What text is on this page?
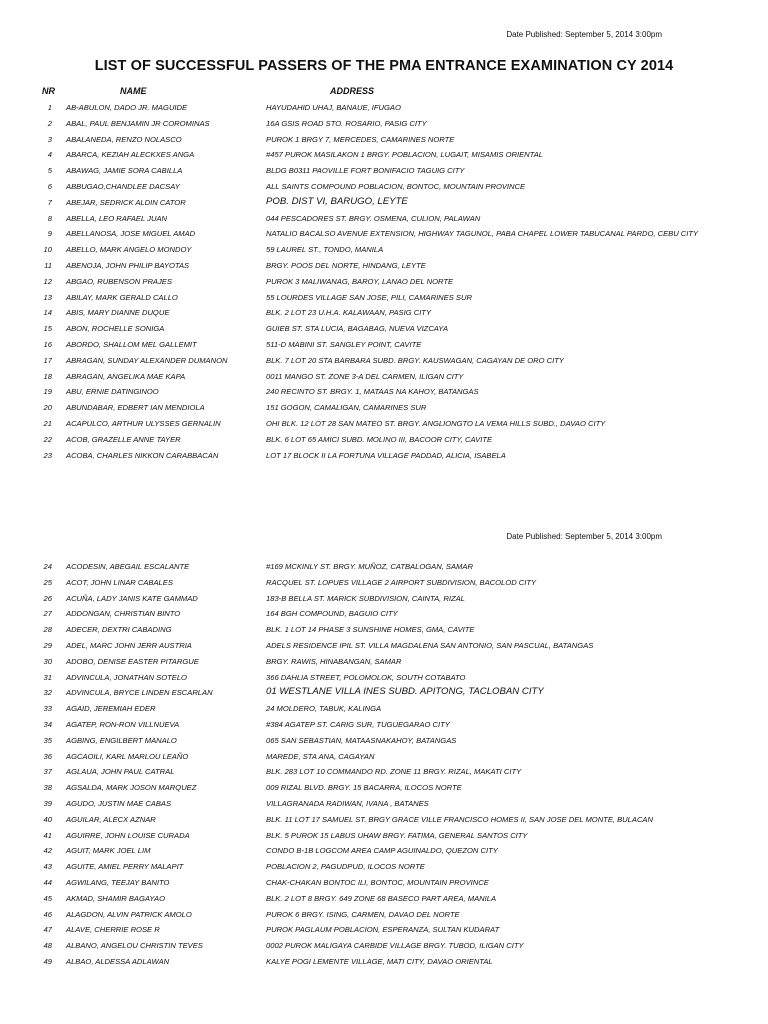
Date Published: September 5, 2014 3:00pm
LIST OF SUCCESSFUL PASSERS OF THE PMA ENTRANCE EXAMINATION CY 2014
NR	NAME	ADDRESS
1 AB-ABULON, DADO JR. MAGUIDE	HAYUDAHID UHAJ, BANAUE, IFUGAO
2 ABAL, PAUL BENJAMIN JR COROMINAS	16A GSIS ROAD STO. ROSARIO, PASIG CITY
3 ABALANEDA, RENZO NOLASCO	PUROK 1 BRGY 7, MERCEDES, CAMARINES NORTE
4 ABARCA, KEZIAH ALECKXES ANGA	#457 PUROK MASILAKON 1 BRGY. POBLACION, LUGAIT, MISAMIS ORIENTAL
5 ABAWAG, JAMIE SORA CABILLA	BLDG B0311 PAOVILLE FORT BONIFACIO TAGUIG CITY
6 ABBUGAO,CHANDLEE DACSAY	ALL SAINTS COMPOUND POBLACION, BONTOC, MOUNTAIN PROVINCE
7 ABEJAR, SEDRICK ALDIN CATOR	POB. DIST VI, BARUGO, LEYTE
8 ABELLA, LEO RAFAEL JUAN	044 PESCADORES ST. BRGY. OSMENA, CULION, PALAWAN
9 ABELLANOSA, JOSE MIGUEL AMAD	NATALIO BACALSO AVENUE EXTENSION, HIGHWAY TAGUNOL, PABA CHAPEL LOWER TABUCANAL PARDO, CEBU CITY
10 ABELLO, MARK ANGELO MONDOY	59 LAUREL ST., TONDO, MANILA
11 ABENOJA, JOHN PHILIP BAYOTAS	BRGY. POOS DEL NORTE, HINDANG, LEYTE
12 ABGAO, RUBENSON PRAJES	PUROK 3 MALIWANAG, BAROY, LANAO DEL NORTE
13 ABILAY, MARK GERALD CALLO	55 LOURDES VILLAGE SAN JOSE, PILI, CAMARINES SUR
14 ABIS, MARY DIANNE DUQUE	BLK. 2 LOT 23 U.H.A. KALAWAAN, PASIG CITY
15 ABON, ROCHELLE SONIGA	GUIEB ST. STA LUCIA, BAGABAG, NUEVA VIZCAYA
16 ABORDO, SHALLOM MEL GALLEMIT	511-D MABINI ST. SANGLEY POINT, CAVITE
17 ABRAGAN, SUNDAY ALEXANDER DUMANON	BLK. 7 LOT 20 STA BARBARA SUBD. BRGY. KAUSWAGAN, CAGAYAN DE ORO CITY
18 ABRAGAN, ANGELIKA MAE KAPA	0011 MANGO ST. ZONE 3-A DEL CARMEN, ILIGAN CITY
19 ABU, ERNIE DATINGINOO	240 RECINTO ST. BRGY. 1, MATAAS NA KAHOY, BATANGAS
20 ABUNDABAR, EDBERT IAN MENDIOLA	151 GOGON, CAMALIGAN, CAMARINES SUR
21 ACAPULCO, ARTHUR ULYSSES GERNALIN	OHI BLK. 12 LOT 28 SAN MATEO ST. BRGY. ANGLIONGTO LA VEMA HILLS SUBD., DAVAO CITY
22 ACOB, GRAZELLE ANNE TAYER	BLK. 6 LOT 65 AMICI SUBD. MOLINO III, BACOOR CITY, CAVITE
23 ACOBA, CHARLES NIKKON CARABBACAN	LOT 17 BLOCK II LA FORTUNA VILLAGE PADDAD, ALICIA, ISABELA
Date Published: September 5, 2014 3:00pm
24 ACODESIN, ABEGAIL ESCALANTE	#169 MCKINLY ST. BRGY. MUÑOZ, CATBALOGAN, SAMAR
25 ACOT, JOHN LINAR CABALES	RACQUEL ST. LOPUES VILLAGE 2 AIRPORT SUBDIVISION, BACOLOD CITY
26 ACUÑA, LADY JANIS KATE GAMMAD	183-B BELLA ST. MARICK SUBDIVISION, CAINTA, RIZAL
27 ADDONGAN, CHRISTIAN BINTO	164 BGH COMPOUND, BAGUIO CITY
28 ADECER, DEXTRI CABADING	BLK. 1 LOT 14 PHASE 3 SUNSHINE HOMES, GMA, CAVITE
29 ADEL, MARC JOHN JERR AUSTRIA	ADELS RESIDENCE IPIL ST. VILLA MAGDALENA SAN ANTONIO, SAN PASCUAL, BATANGAS
30 ADOBO, DENISE EASTER PITARGUE	BRGY. RAWIS, HINABANGAN, SAMAR
31 ADVINCULA, JONATHAN SOTELO	366 DAHLIA STREET, POLOMOLOK, SOUTH COTABATO
32 ADVINCULA, BRYCE LINDEN ESCARLAN	01 WESTLANE VILLA INES SUBD. APITONG, TACLOBAN CITY
33 AGAID, JEREMIAH EDER	24 MOLDERO, TABUK, KALINGA
34 AGATEP, RON-RON VILLNUEVA	#384 AGATEP ST. CARIG SUR, TUGUEGARAO CITY
35 AGBING, ENGILBERT MANALO	065 SAN SEBASTIAN, MATAASNAKAHOY, BATANGAS
36 AGCAOILI, KARL MARLOU LEAÑO	MAREDE, STA ANA, CAGAYAN
37 AGLAUA, JOHN PAUL CATRAL	BLK. 283 LOT 10 COMMANDO RD. ZONE 11 BRGY. RIZAL, MAKATI CITY
38 AGSALDA, MARK JOSON MARQUEZ	009 RIZAL BLVD. BRGY. 15 BACARRA, ILOCOS NORTE
39 AGUDO, JUSTIN MAE CABAS	VILLAGRANADA RADIWAN, IVANA , BATANES
40 AGUILAR, ALECX AZNAR	BLK. 11 LOT 17 SAMUEL ST. BRGY GRACE VILLE FRANCISCO HOMES II, SAN JOSE DEL MONTE, BULACAN
41 AGUIRRE, JOHN LOUISE CURADA	BLK. 5 PUROK 15 LABUS UHAW BRGY. FATIMA, GENERAL SANTOS CITY
42 AGUIT, MARK JOEL LIM	CONDO B-1B LOGCOM AREA CAMP AGUINALDO, QUEZON CITY
43 AGUITE, AMIEL PERRY MALAPIT	POBLACION 2, PAGUDPUD, ILOCOS NORTE
44 AGWILANG, TEEJAY BANITO	CHAK-CHAKAN BONTOC ILI, BONTOC, MOUNTAIN PROVINCE
45 AKMAD, SHAMIR BAGAYAO	BLK. 2 LOT 8 BRGY. 649 ZONE 68 BASECO PART AREA, MANILA
46 ALAGDON, ALVIN PATRICK AMOLO	PUROK 6 BRGY. ISING, CARMEN, DAVAO DEL NORTE
47 ALAVE, CHERRIE ROSE R	PUROK PAGLAUM POBLACION, ESPERANZA, SULTAN KUDARAT
48 ALBANO, ANGELOU CHRISTIN TEVES	0002 PUROK MALIGAYA CARBIDE VILLAGE BRGY. TUBOD, ILIGAN CITY
49 ALBAO, ALDESSA ADLAWAN	KALYE POGI LEMENTE VILLAGE, MATI CITY, DAVAO ORIENTAL
